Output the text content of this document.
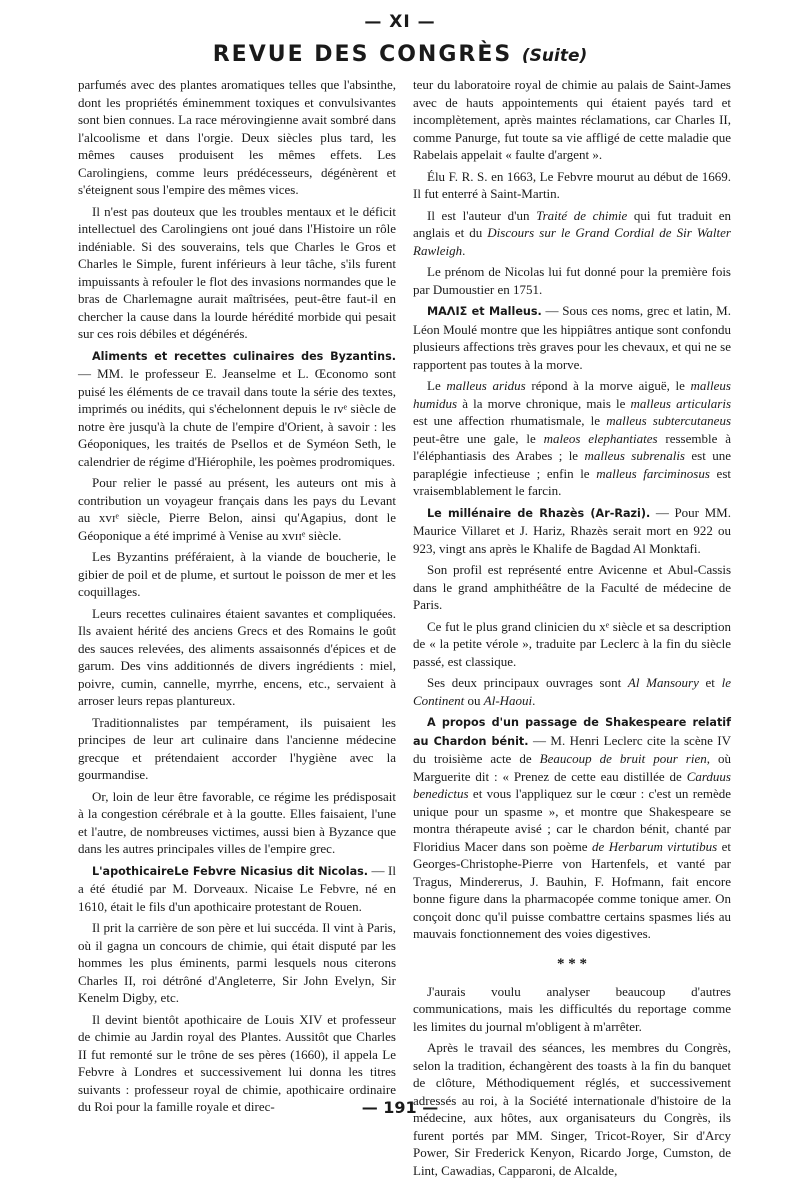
— XI —
REVUE DES CONGRÈS (Suite)

parfumés avec des plantes aromatiques telles que l'absinthe, dont les propriétés éminemment toxiques et convulsivantes sont bien connues. La race mérovingienne avait sombré dans l'alcoolisme et dans l'orgie. Deux siècles plus tard, les mêmes causes produisent les mêmes effets. Les Carolingiens, comme leurs prédécesseurs, dégénèrent et s'éteignent sous l'empire des mêmes vices.

Il n'est pas douteux que les troubles mentaux et le déficit intellectuel des Carolingiens ont joué dans l'Histoire un rôle indéniable. Si des souverains, tels que Charles le Gros et Charles le Simple, furent inférieurs à leur tâche, s'ils furent impuissants à refouler le flot des invasions normandes que le bras de Charlemagne aurait maîtrisées, peut-être faut-il en chercher la cause dans la lourde hérédité morbide qui pesait sur ces rois débiles et dégénérés.

Aliments et recettes culinaires des Byzantins. — MM. le professeur E. Jeanselme et L. Œconomo sont puisé les éléments de ce travail dans toute la série des textes, imprimés ou inédits, qui s'échelonnent depuis le ɪᴠᵉ siècle de notre ère jusqu'à la chute de l'empire d'Orient, à savoir : les Géoponiques, les traités de Psellos et de Syméon Seth, le calendrier de régime d'Hiérophile, les poèmes prodromiques.

Pour relier le passé au présent, les auteurs ont mis à contribution un voyageur français dans les pays du Levant au xᴠɪᵉ siècle, Pierre Belon, ainsi qu'Agapius, dont le Géoponique a été imprimé à Venise au xᴠɪɪᵉ siècle.

Les Byzantins préféraient, à la viande de boucherie, le gibier de poil et de plume, et surtout le poisson de mer et les coquillages.

Leurs recettes culinaires étaient savantes et compliquées. Ils avaient hérité des anciens Grecs et des Romains le goût des sauces relevées, des aliments assaisonnés d'épices et de garum. Des vins additionnés de divers ingrédients : miel, poivre, cumin, cannelle, myrrhe, encens, etc., servaient à arroser leurs repas plantureux.

Traditionnalistes par tempérament, ils puisaient les principes de leur art culinaire dans l'ancienne médecine grecque et prétendaient accorder l'hygiène avec la gourmandise.

Or, loin de leur être favorable, ce régime les prédisposait à la congestion cérébrale et à la goutte. Elles faisaient, l'une et l'autre, de nombreuses victimes, aussi bien à Byzance que dans les autres principales villes de l'empire grec.

L'apothicaireLe Febvre Nicasius dit Nicolas. — Il a été étudié par M. Dorveaux. Nicaise Le Febvre, né en 1610, était le fils d'un apothicaire protestant de Rouen.

Il prit la carrière de son père et lui succéda. Il vint à Paris, où il gagna un concours de chimie, qui était disputé par les hommes les plus éminents, parmi lesquels nous citerons Charles II, roi détrôné d'Angleterre, Sir John Evelyn, Sir Kenelm Digby, etc.

Il devint bientôt apothicaire de Louis XIV et professeur de chimie au Jardin royal des Plantes. Aussitôt que Charles II fut remonté sur le trône de ses pères (1660), il appela Le Febvre à Londres et successivement lui donna les titres suivants : professeur royal de chimie, apothicaire ordinaire du Roi pour la famille royale et direc-

teur du laboratoire royal de chimie au palais de Saint-James avec de hauts appointements qui étaient payés tard et incomplètement, après maintes réclamations, car Charles II, comme Panurge, fut toute sa vie affligé de cette maladie que Rabelais appelait « faulte d'argent ».

Élu F. R. S. en 1663, Le Febvre mourut au début de 1669. Il fut enterré à Saint-Martin.

Il est l'auteur d'un Traité de chimie qui fut traduit en anglais et du Discours sur le Grand Cordial de Sir Walter Rawleigh.

Le prénom de Nicolas lui fut donné pour la première fois par Dumoustier en 1751.

ΜΑΛΙΣ et Malleus. — Sous ces noms, grec et latin, M. Léon Moulé montre que les hippiâtres antique sont confondu plusieurs affections très graves pour les chevaux, et qui ne se rapportent pas toutes à la morve.

Le malleus aridus répond à la morve aiguë, le malleus humidus à la morve chronique, mais le malleus articularis est une affection rhumatismale, le malleus subtercutaneus peut-être une gale, le maleos elephantiates ressemble à l'éléphantiasis des Arabes ; le malleus subrenalis est une paraplégie infectieuse ; enfin le malleus farciminosus est vraisemblablement le farcin.

Le millénaire de Rhazès (Ar-Razi). — Pour MM. Maurice Villaret et J. Hariz, Rhazès serait mort en 922 ou 923, vingt ans après le Khalife de Bagdad Al Monktafi.

Son profil est représenté entre Avicenne et Abul-Cassis dans le grand amphithéâtre de la Faculté de médecine de Paris.

Ce fut le plus grand clinicien du xᵉ siècle et sa description de « la petite vérole », traduite par Leclerc à la fin du siècle passé, est classique.

Ses deux principaux ouvrages sont Al Mansoury et le Continent ou Al-Haoui.

A propos d'un passage de Shakespeare relatif au Chardon bénit. — M. Henri Leclerc cite la scène IV du troisième acte de Beaucoup de bruit pour rien, où Marguerite dit : « Prenez de cette eau distillée de Carduus benedictus et vous l'appliquez sur le cœur : c'est un remède unique pour un spasme », et montre que Shakespeare se montra thérapeute avisé ; car le chardon bénit, chanté par Floridius Macer dans son poème de Herbarum virtutibus et Georges-Christophe-Pierre von Hartenfels, et vanté par Tragus, Mindererus, J. Bauhin, F. Hofmann, fait encore bonne figure dans la pharmacopée comme tonique amer. On conçoit donc qu'il puisse combattre certains spasmes liés au mauvais fonctionnement des voies digestives.

* * *

J'aurais voulu analyser beaucoup d'autres communications, mais les difficultés du reportage comme les limites du journal m'obligent à m'arrêter.

Après le travail des séances, les membres du Congrès, selon la tradition, échangèrent des toasts à la fin du banquet de clôture, Méthodiquement réglés, et successivement adressés au roi, à la Société internationale d'histoire de la médecine, aux hôtes, aux organisateurs du Congrès, ils furent portés par MM. Singer, Tricot-Royer, Sir d'Arcy Power, Sir Frederick Kenyon, Ricardo Jorge, Cumston, de Lint, Cawadias, Capparoni, de Alcalde,

— 191 —
